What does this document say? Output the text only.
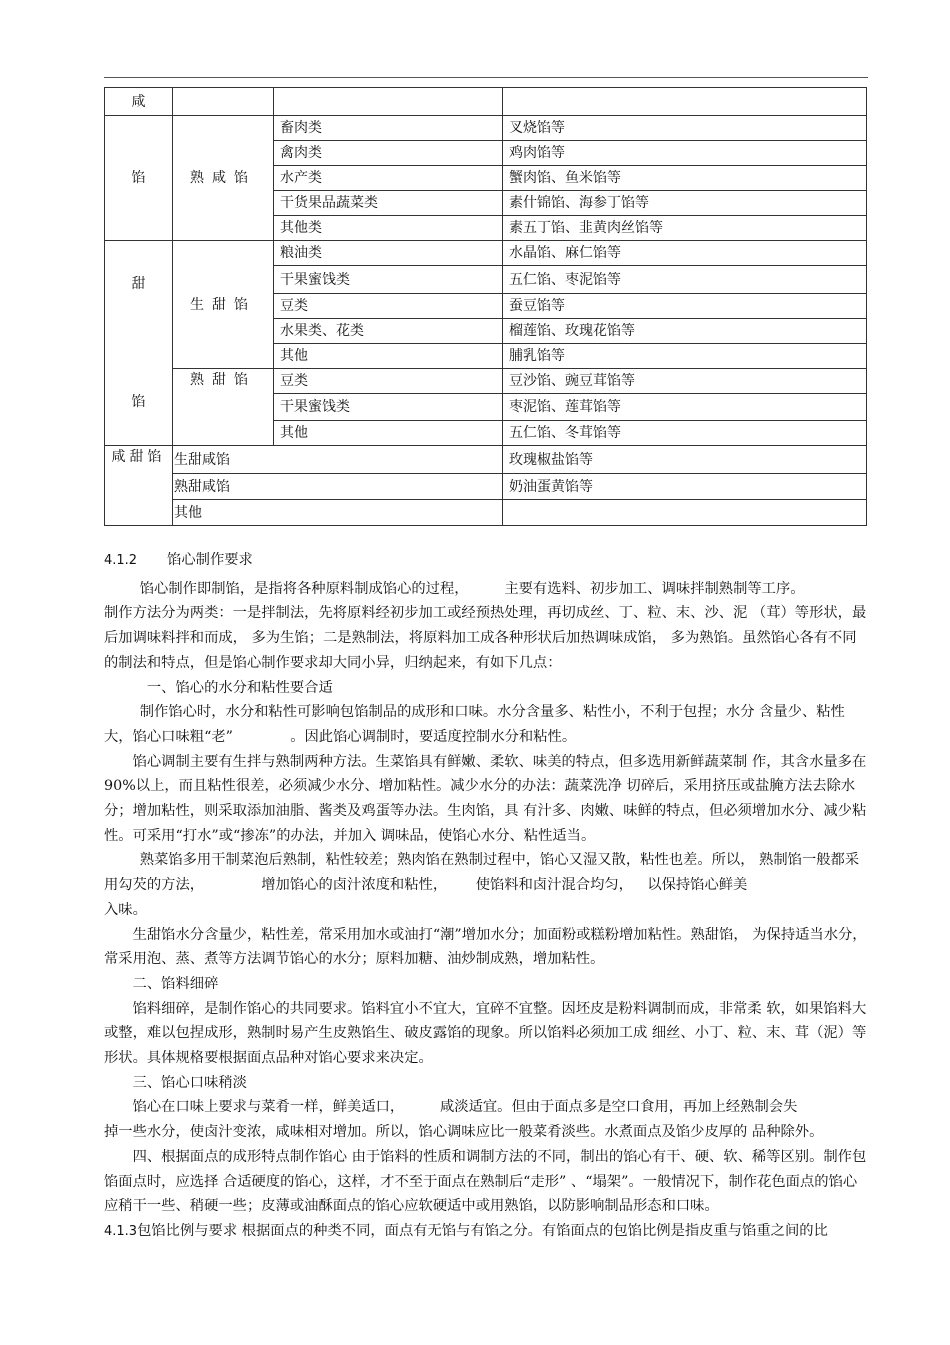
咸			
馅	熟咸馅	畜肉类	叉烧馅等
		禽肉类	鸡肉馅等
		水产类	蟹肉馅、鱼米馅等
		干货果品蔬菜类	素什锦馅、海参丁馅等
		其他类	素五丁馅、韭黄肉丝馅等

甜
馅	生甜馅	粮油类	水晶馅、麻仁馅等
		干果蜜饯类	五仁馅、枣泥馅等
		豆类	蚕豆馅等
		水果类、花类	榴莲馅、玫瑰花馅等
		其他	脯乳馅等
	熟甜馅	豆类	豆沙馅、豌豆茸馅等
		干果蜜饯类	枣泥馅、莲茸馅等
		其他	五仁馅、冬茸馅等
咸甜馅	生甜咸馅		玫瑰椒盐馅等
	熟甜咸馅		奶油蛋黄馅等
	其他		

4.1.2 馅心制作要求

馅心制作即制馅，是指将各种原料制成馅心的过程，	主要有选料、初步加工、调味拌制熟制等工序。

制作方法分为两类：一是拌制法，先将原料经初步加工或经预热处理，再切成丝、丁、粒、末、沙、泥 （茸）等形状，最后加调味料拌和而成， 多为生馅；二是熟制法，将原料加工成各种形状后加热调味成馅， 多为熟馅。虽然馅心各有不同的制法和特点，但是馅心制作要求却大同小异，归纳起来，有如下几点：

一、馅心的水分和粘性要合适

制作馅心时，水分和粘性可影响包馅制品的成形和口味。水分含量多、粘性小，不利于包捏；水分 含量少、粘性大，馅心口味粗“老”	。因此馅心调制时，要适度控制水分和粘性。

馅心调制主要有生拌与熟制两种方法。生菜馅具有鲜嫩、柔软、味美的特点，但多选用新鲜蔬菜制 作，其含水量多在 90%以上，而且粘性很差，必须减少水分、增加粘性。减少水分的办法：蔬菜洗净 切碎后，采用挤压或盐腌方法去除水分；增加粘性，则采取添加油脂、酱类及鸡蛋等办法。生肉馅，具 有汁多、肉嫩、味鲜的特点，但必须增加水分、减少粘性。可采用“打水”或“掺冻”的办法，并加入 调味品，使馅心水分、粘性适当。

熟菜馅多用干制菜泡后熟制，粘性较差；熟肉馅在熟制过程中，馅心又湿又散，粘性也差。所以， 熟制馅一般都采用勾芡的方法，	增加馅心的卤汁浓度和粘性， 使馅料和卤汁混合均匀， 以保持馅心鲜美

入味。

生甜馅水分含量少，粘性差，常采用加水或油打“潮”增加水分；加面粉或糕粉增加粘性。熟甜馅， 为保持适当水分，常采用泡、蒸、煮等方法调节馅心的水分；原料加糖、油炒制成熟，增加粘性。

二、馅料细碎

馅料细碎，是制作馅心的共同要求。馅料宜小不宜大，宜碎不宜整。因坯皮是粉料调制而成，非常柔 软，如果馅料大或整，难以包捏成形，熟制时易产生皮熟馅生、破皮露馅的现象。所以馅料必须加工成 细丝、小丁、粒、末、茸（泥）等形状。具体规格要根据面点品种对馅心要求来决定。

三、馅心口味稍淡

馅心在口味上要求与菜肴一样，鲜美适口，	咸淡适宜。但由于面点多是空口食用，再加上经熟制会失

掉一些水分，使卤汁变浓，咸味相对增加。所以，馅心调味应比一般菜肴淡些。水煮面点及馅少皮厚的 品种除外。

四、根据面点的成形特点制作馅心 由于馅料的性质和调制方法的不同，制出的馅心有干、硬、软、稀等区别。制作包馅面点时，应选择 合适硬度的馅心，这样，才不至于面点在熟制后“走形” 、“塌架”。一般情况下，制作花色面点的馅心 应稍干一些、稍硬一些；皮薄或油酥面点的馅心应软硬适中或用熟馅，以防影响制品形态和口味。

4.1.3包馅比例与要求 根据面点的种类不同，面点有无馅与有馅之分。有馅面点的包馅比例是指皮重与馅重之间的比
